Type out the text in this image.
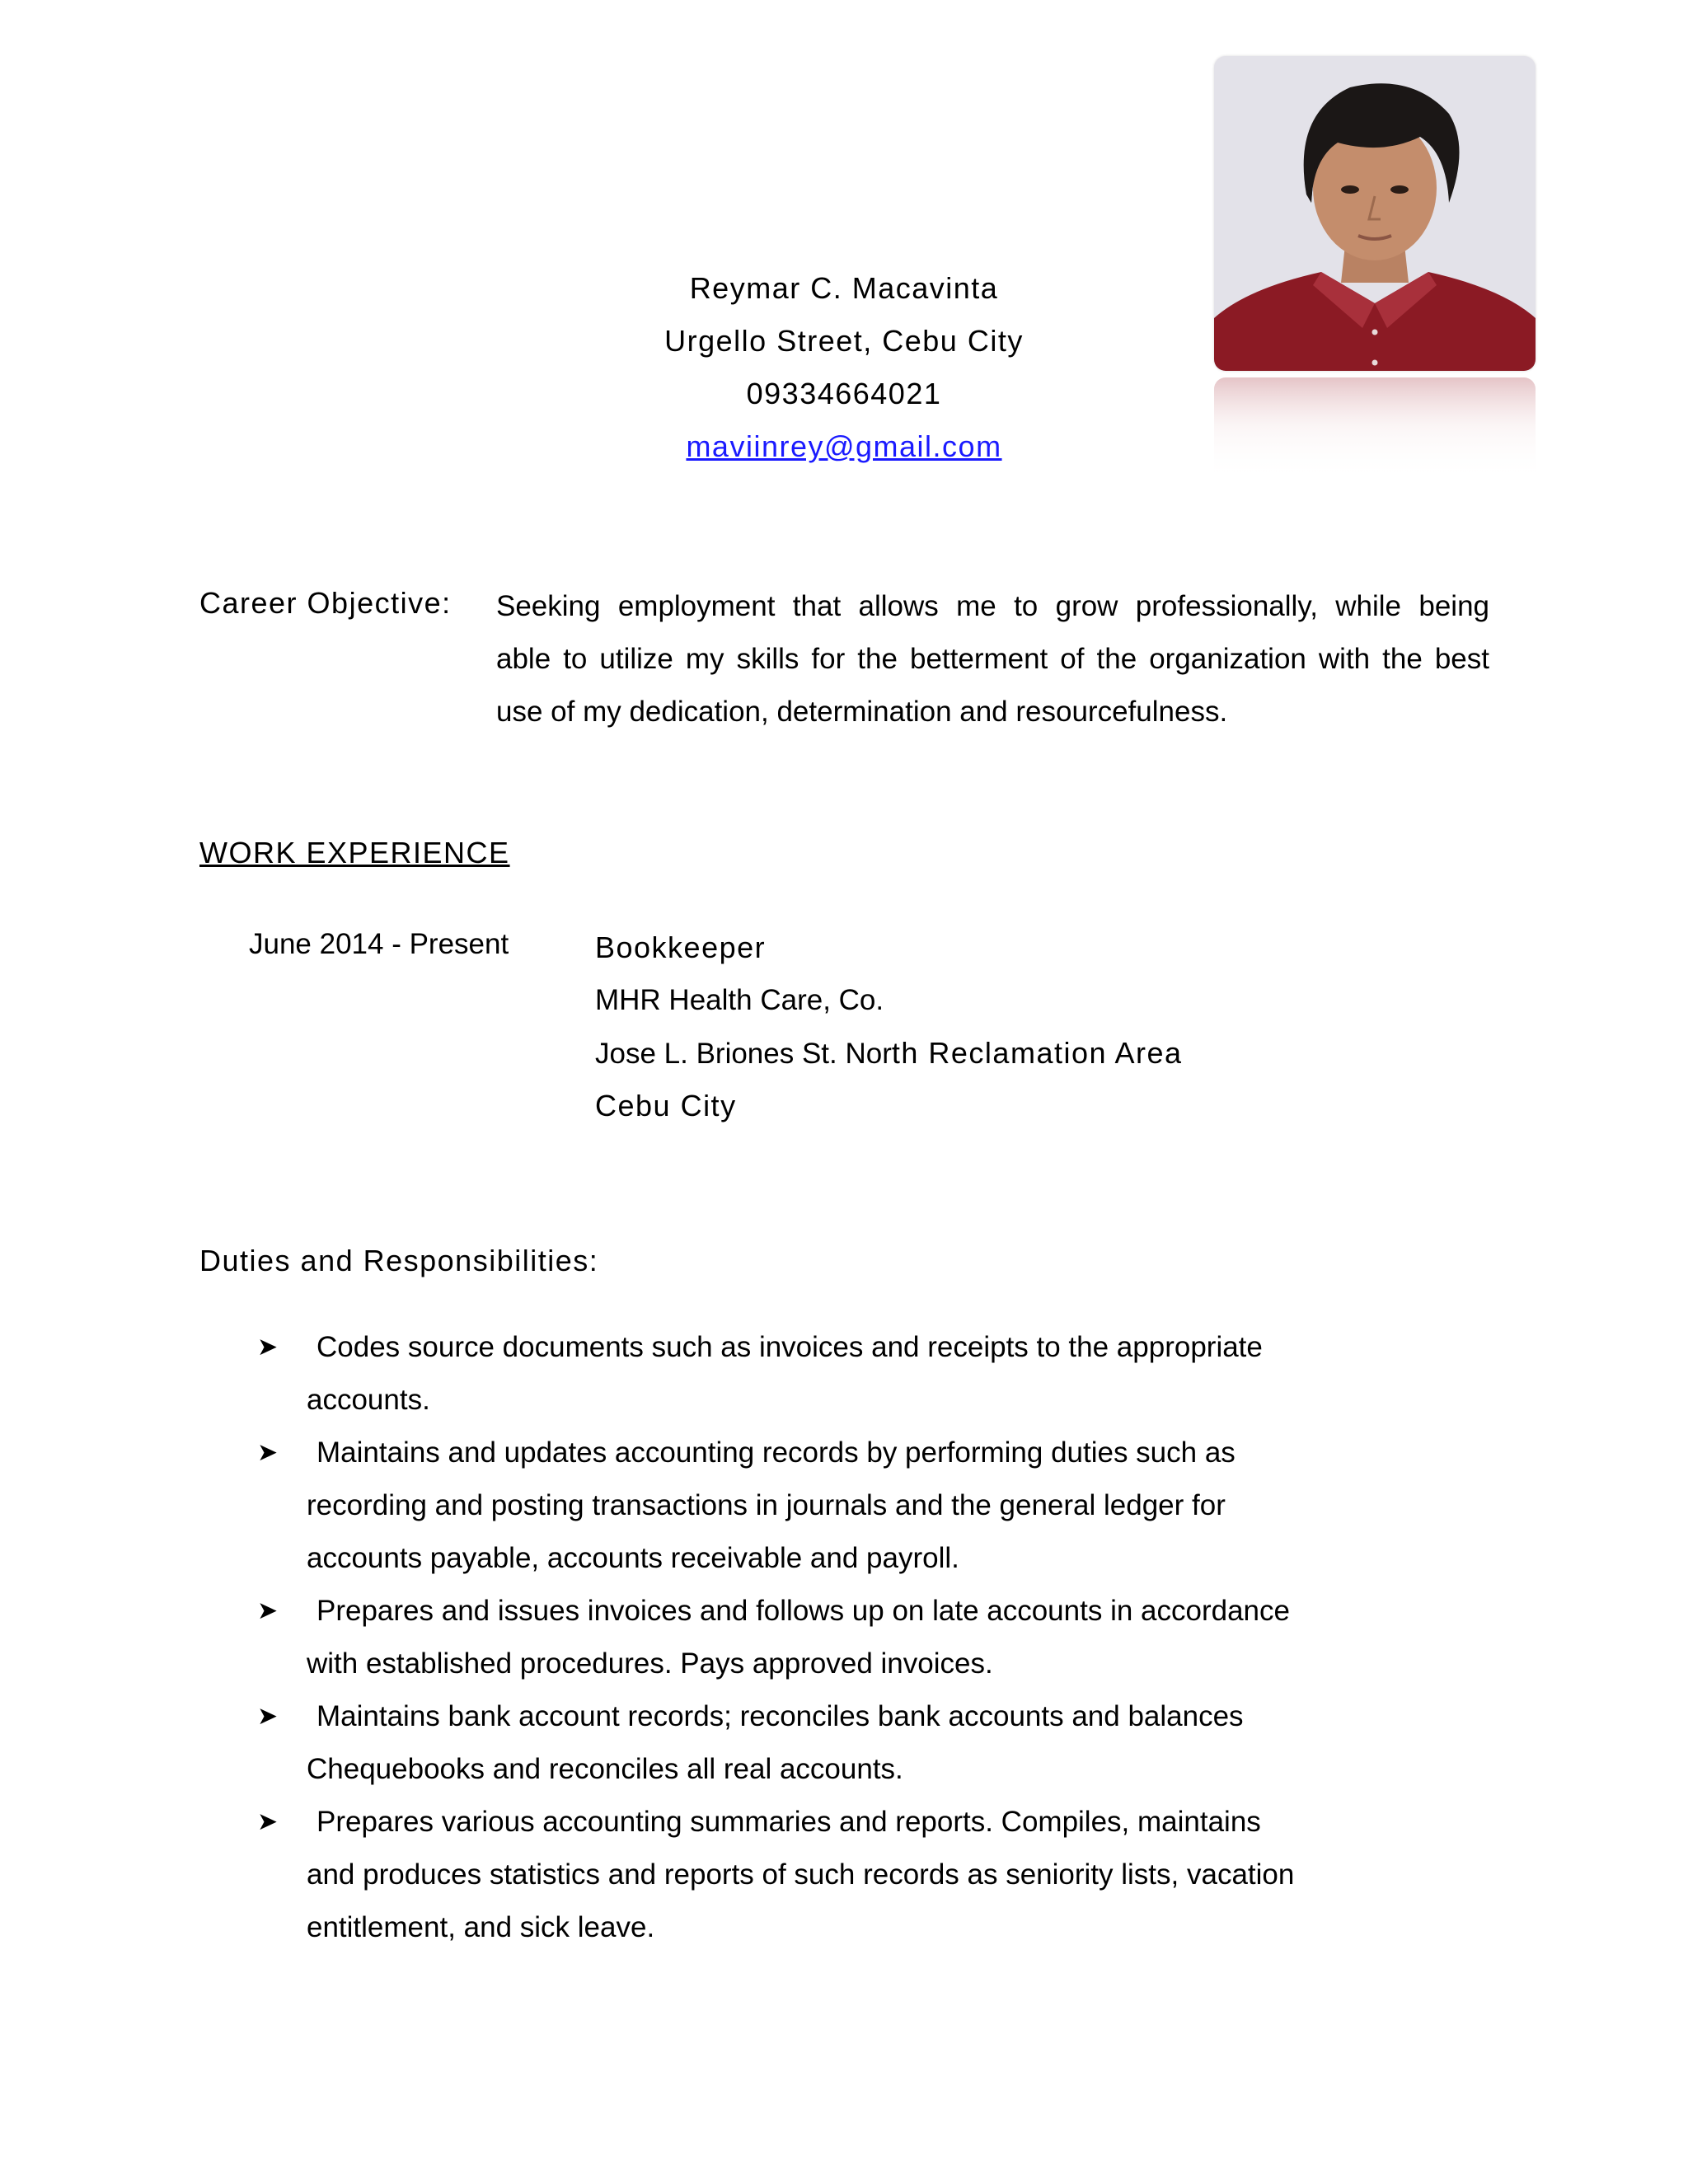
Reymar C. Macavinta
Urgello Street, Cebu City
09334664021
maviinrey@gmail.com
Career Objective: Seeking employment that allows me to grow professionally, while being
able to utilize my skills for the betterment of the organization with the best
use of my dedication, determination and resourcefulness.
WORK EXPERIENCE
June 2014 - Present	Bookkeeper
MHR Health Care, Co.
Jose L. Briones St. North Reclamation Area
Cebu City
Duties and Responsibilities:
➤ Codes source documents such as invoices and receipts to the appropriate
accounts.
➤ Maintains and updates accounting records by performing duties such as
recording and posting transactions in journals and the general ledger for
accounts payable, accounts receivable and payroll.
➤ Prepares and issues invoices and follows up on late accounts in accordance
with established procedures. Pays approved invoices.
➤ Maintains bank account records; reconciles bank accounts and balances
Chequebooks and reconciles all real accounts.
➤ Prepares various accounting summaries and reports. Compiles, maintains
and produces statistics and reports of such records as seniority lists, vacation
entitlement, and sick leave.
